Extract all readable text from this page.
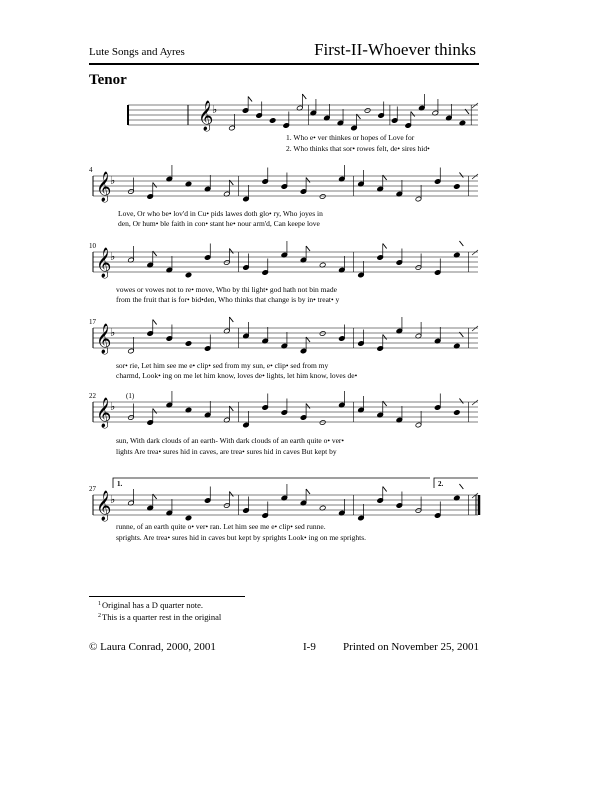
Lute Songs and Ayres	First-II-Whoever thinks
Tenor
𝄞
♭
𝄞
♭
4
𝄞
♭
10
𝄞
♭
17
𝄞
♭
22
𝄞
♭
27
1.	2.
(1)
1. Who e• ver thinkes or hopes of Love for
2. Who thinks that sor• rowes felt, de• sires hid•
Love, Or who be• lov'd in Cu• pids lawes doth glo• ry, Who joyes in
den, Or hum• ble faith in con• stant he• nour arm'd, Can keepe love
vowes or vowes not to re• move, Who by thi light• god hath not bin made
from the fruit that is for• bid•den, Who thinks that change is by in• treat• y
sor• rie, Let him see me e• clip• sed from my sun, e• clip• sed from my
charmd, Look• ing on me let him know, loves de• lights, let him know, loves de•
sun, With dark clouds of an earth- With dark clouds of an earth quite o• ver•
lights Are trea• sures hid in caves, are trea• sures hid in caves But kept by
runne, of an earth quite o• ver• ran. Let him see me e• clip• sed runne.
sprights. Are trea• sures hid in caves but kept by sprights Look• ing on me sprights.
$^1$Original has a D quarter note.
$^2$This is a quarter rest in the original
© Laura Conrad, 2000, 2001	I-9 Printed on November 25, 2001
